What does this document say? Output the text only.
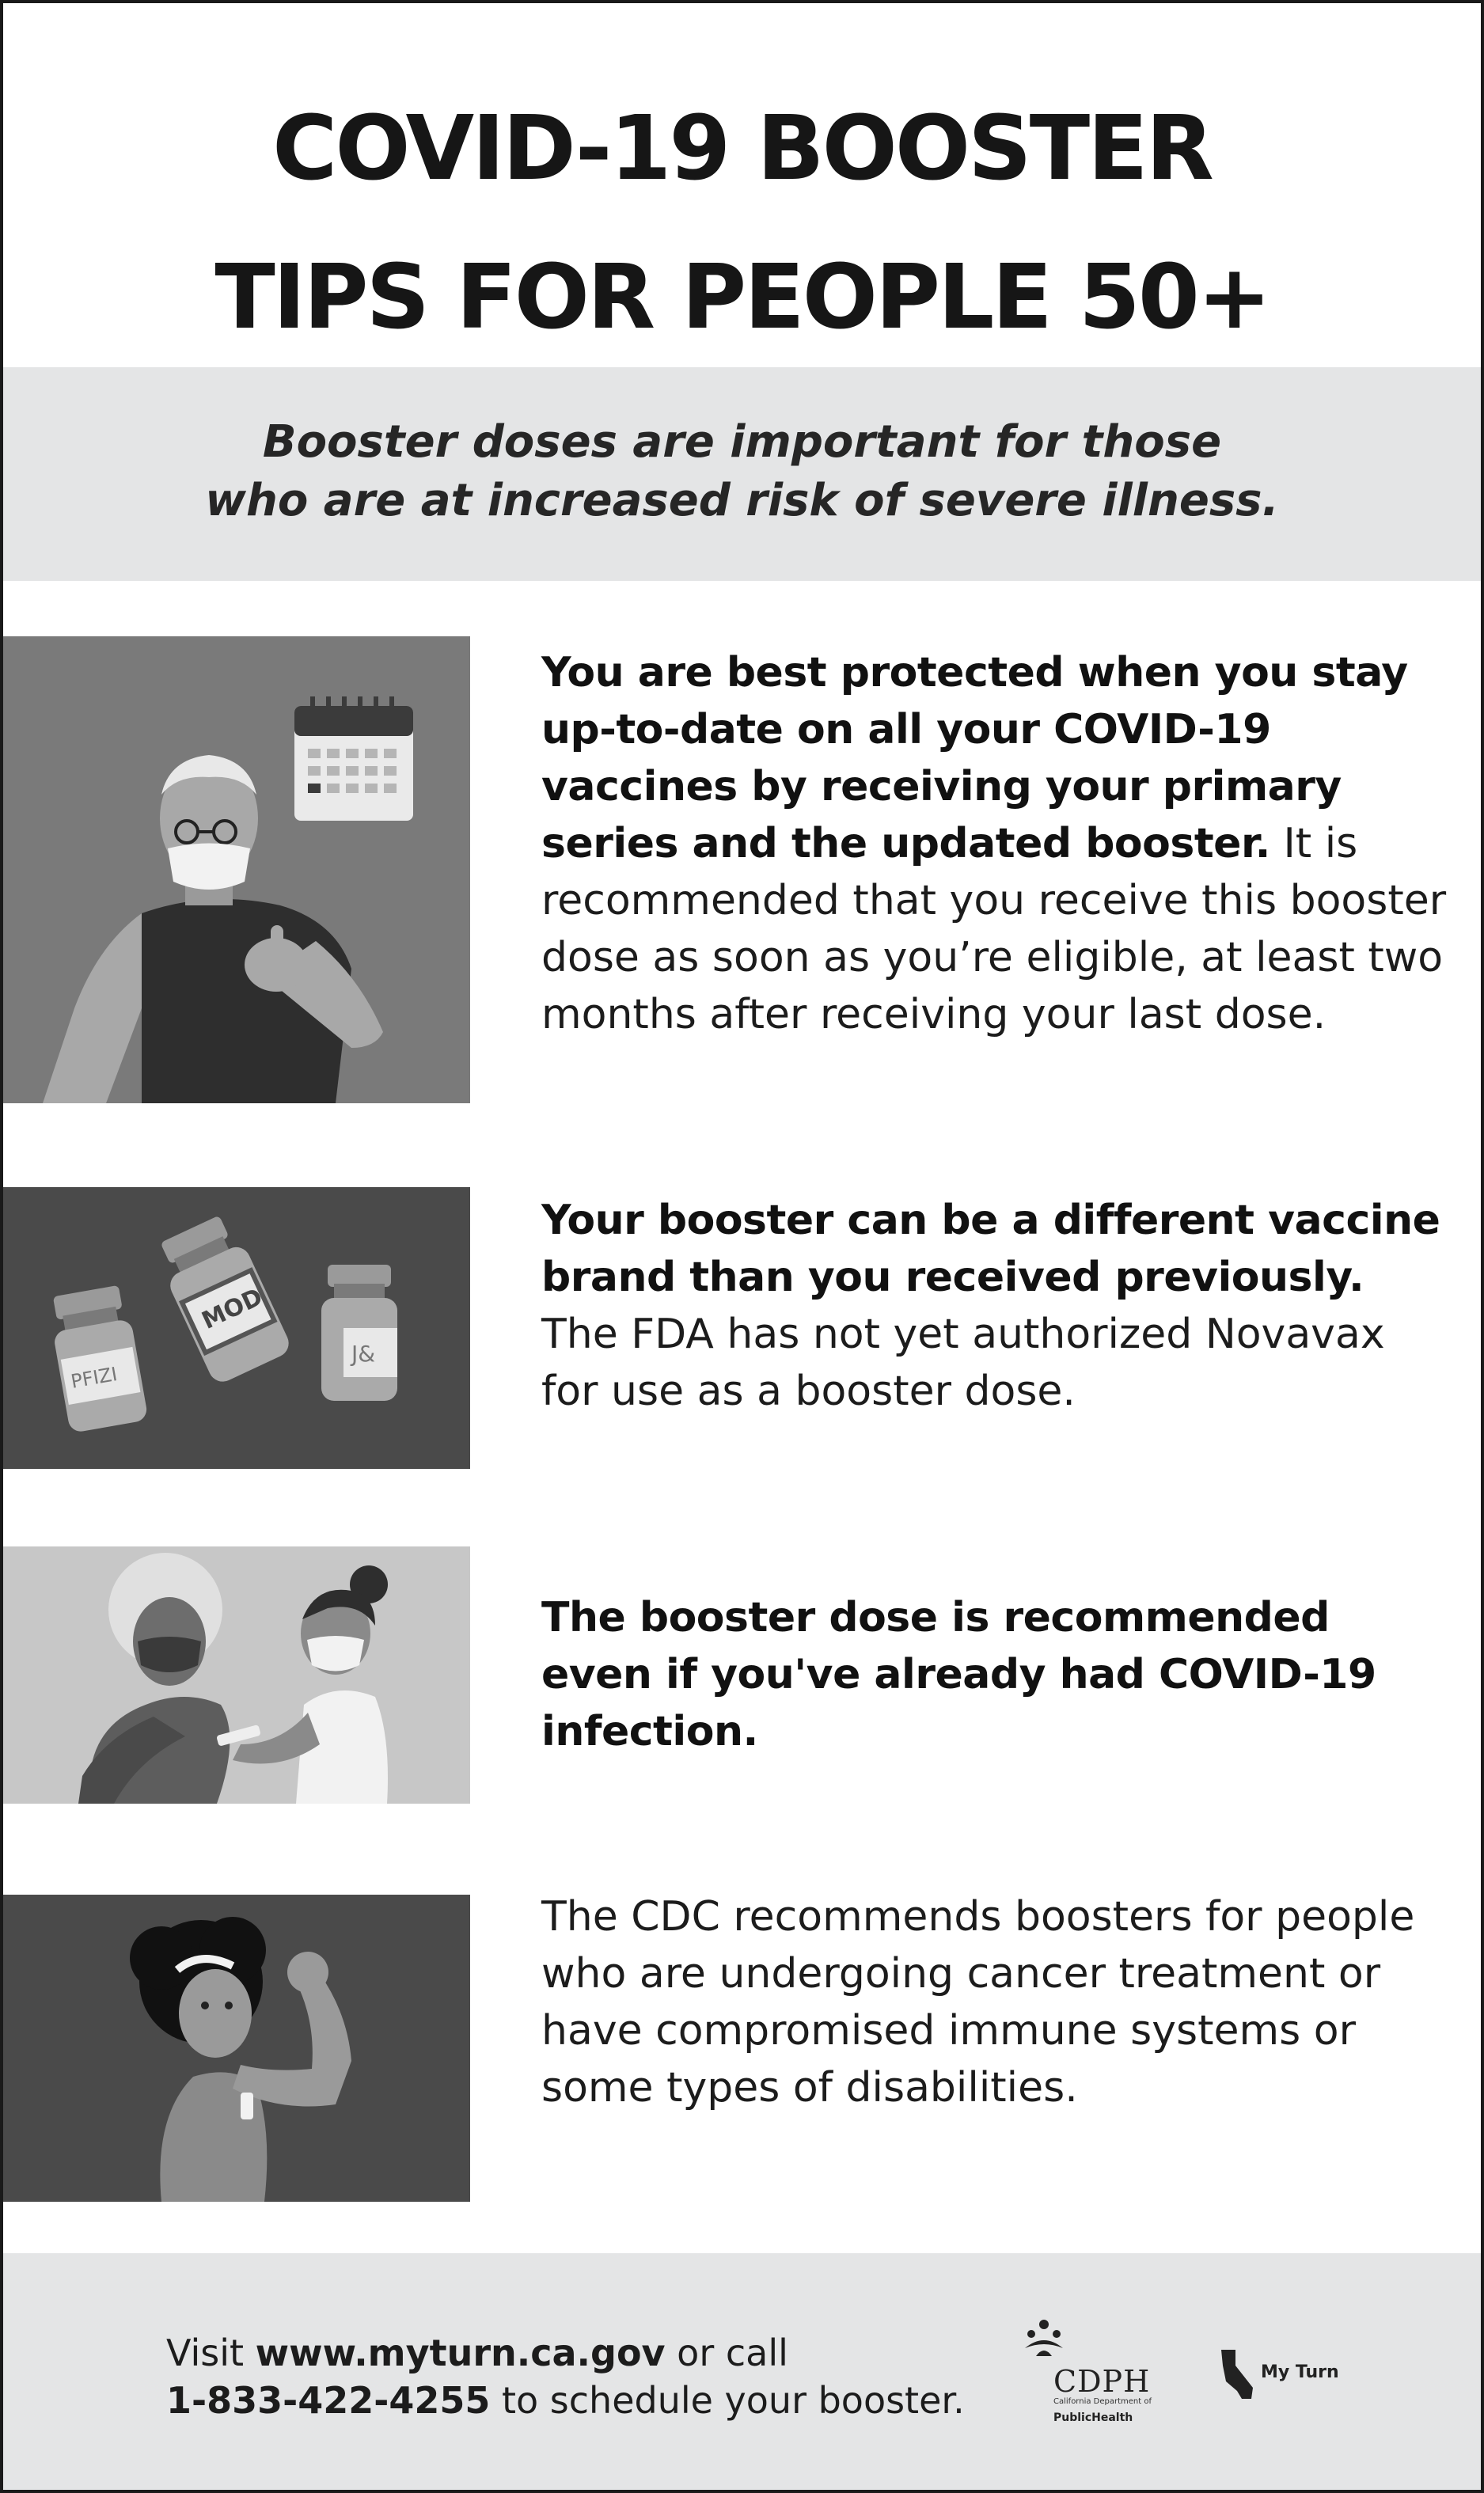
COVID-19 BOOSTER
TIPS FOR PEOPLE 50+
Booster doses are important for those
who are at increased risk of severe illness.
You are best protected when you stay up-to-date on all your COVID-19 vaccines by receiving your primary series and the updated booster. It is recommended that you receive this booster dose as soon as you’re eligible, at least two months after receiving your last dose.
PFIZI
MOD
J&
Your booster can be a different vaccine brand than you received previously. The FDA has not yet authorized Novavax for use as a booster dose.
The booster dose is recommended even if you've already had COVID-19 infection.
The CDC recommends boosters for people who are undergoing cancer treatment or have compromised immune systems or some types of disabilities.
Visit www.myturn.ca.gov or call
1-833-422-4255 to schedule your booster.	CDPH
California Department of
PublicHealth
My Turn
